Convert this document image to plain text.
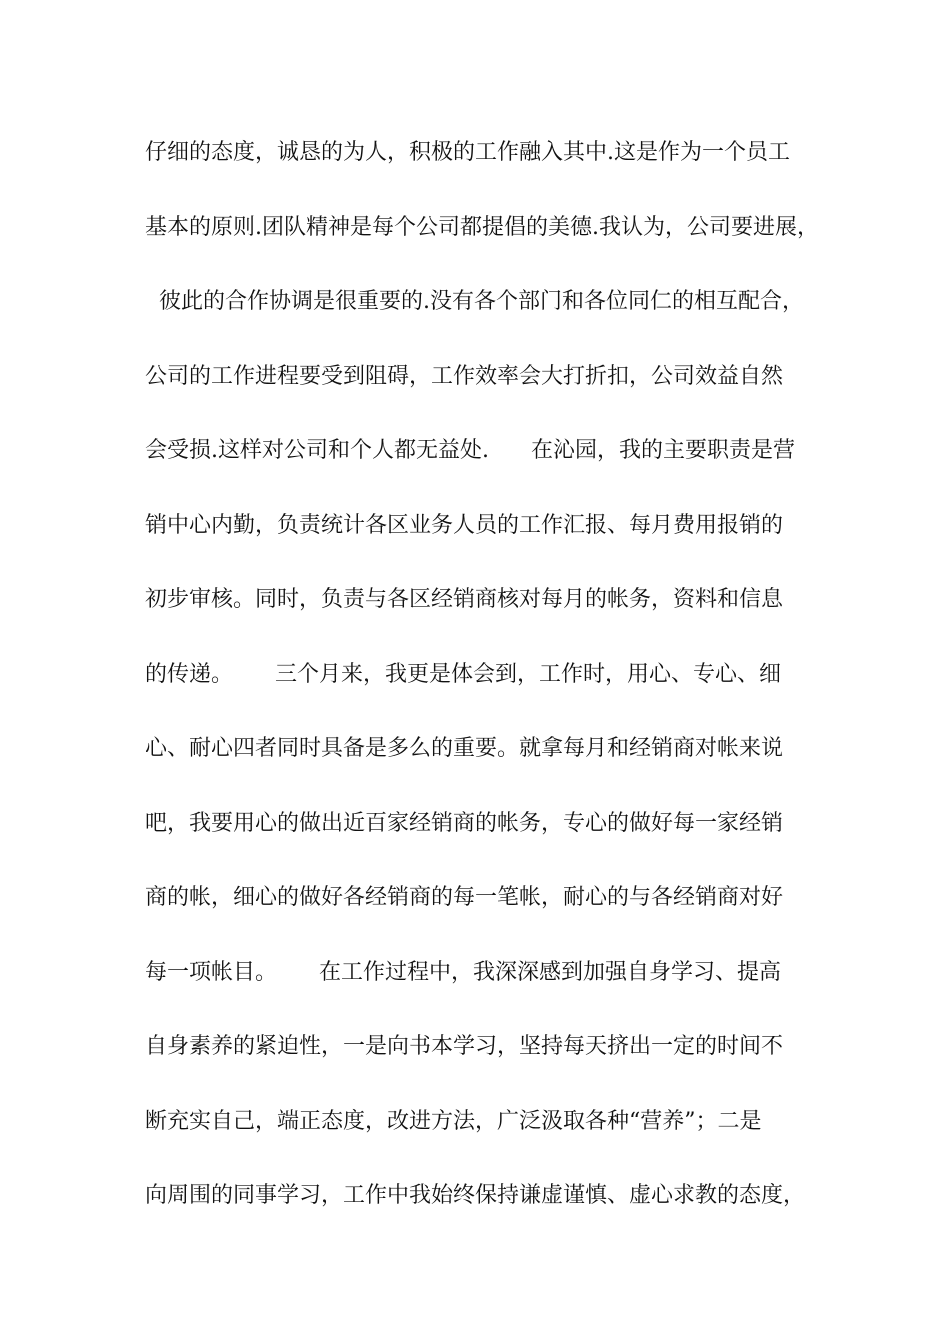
仔细的态度，诚恳的为人，积极的工作融入其中.这是作为一个员工
基本的原则.团队精神是每个公司都提倡的美德.我认为，公司要进展，
彼此的合作协调是很重要的.没有各个部门和各位同仁的相互配合，
公司的工作进程要受到阻碍，工作效率会大打折扣，公司效益自然
会受损.这样对公司和个人都无益处.      在沁园，我的主要职责是营
销中心内勤，负责统计各区业务人员的工作汇报、每月费用报销的
初步审核。同时，负责与各区经销商核对每月的帐务，资料和信息
的传递。      三个月来，我更是体会到，工作时，用心、专心、细
心、耐心四者同时具备是多么的重要。就拿每月和经销商对帐来说
吧，我要用心的做出近百家经销商的帐务，专心的做好每一家经销
商的帐，细心的做好各经销商的每一笔帐，耐心的与各经销商对好
每一项帐目。      在工作过程中，我深深感到加强自身学习、提高
自身素养的紧迫性，一是向书本学习，坚持每天挤出一定的时间不
断充实自己，端正态度，改进方法，广泛汲取各种“营养”；二是
向周围的同事学习，工作中我始终保持谦虚谨慎、虚心求教的态度，
